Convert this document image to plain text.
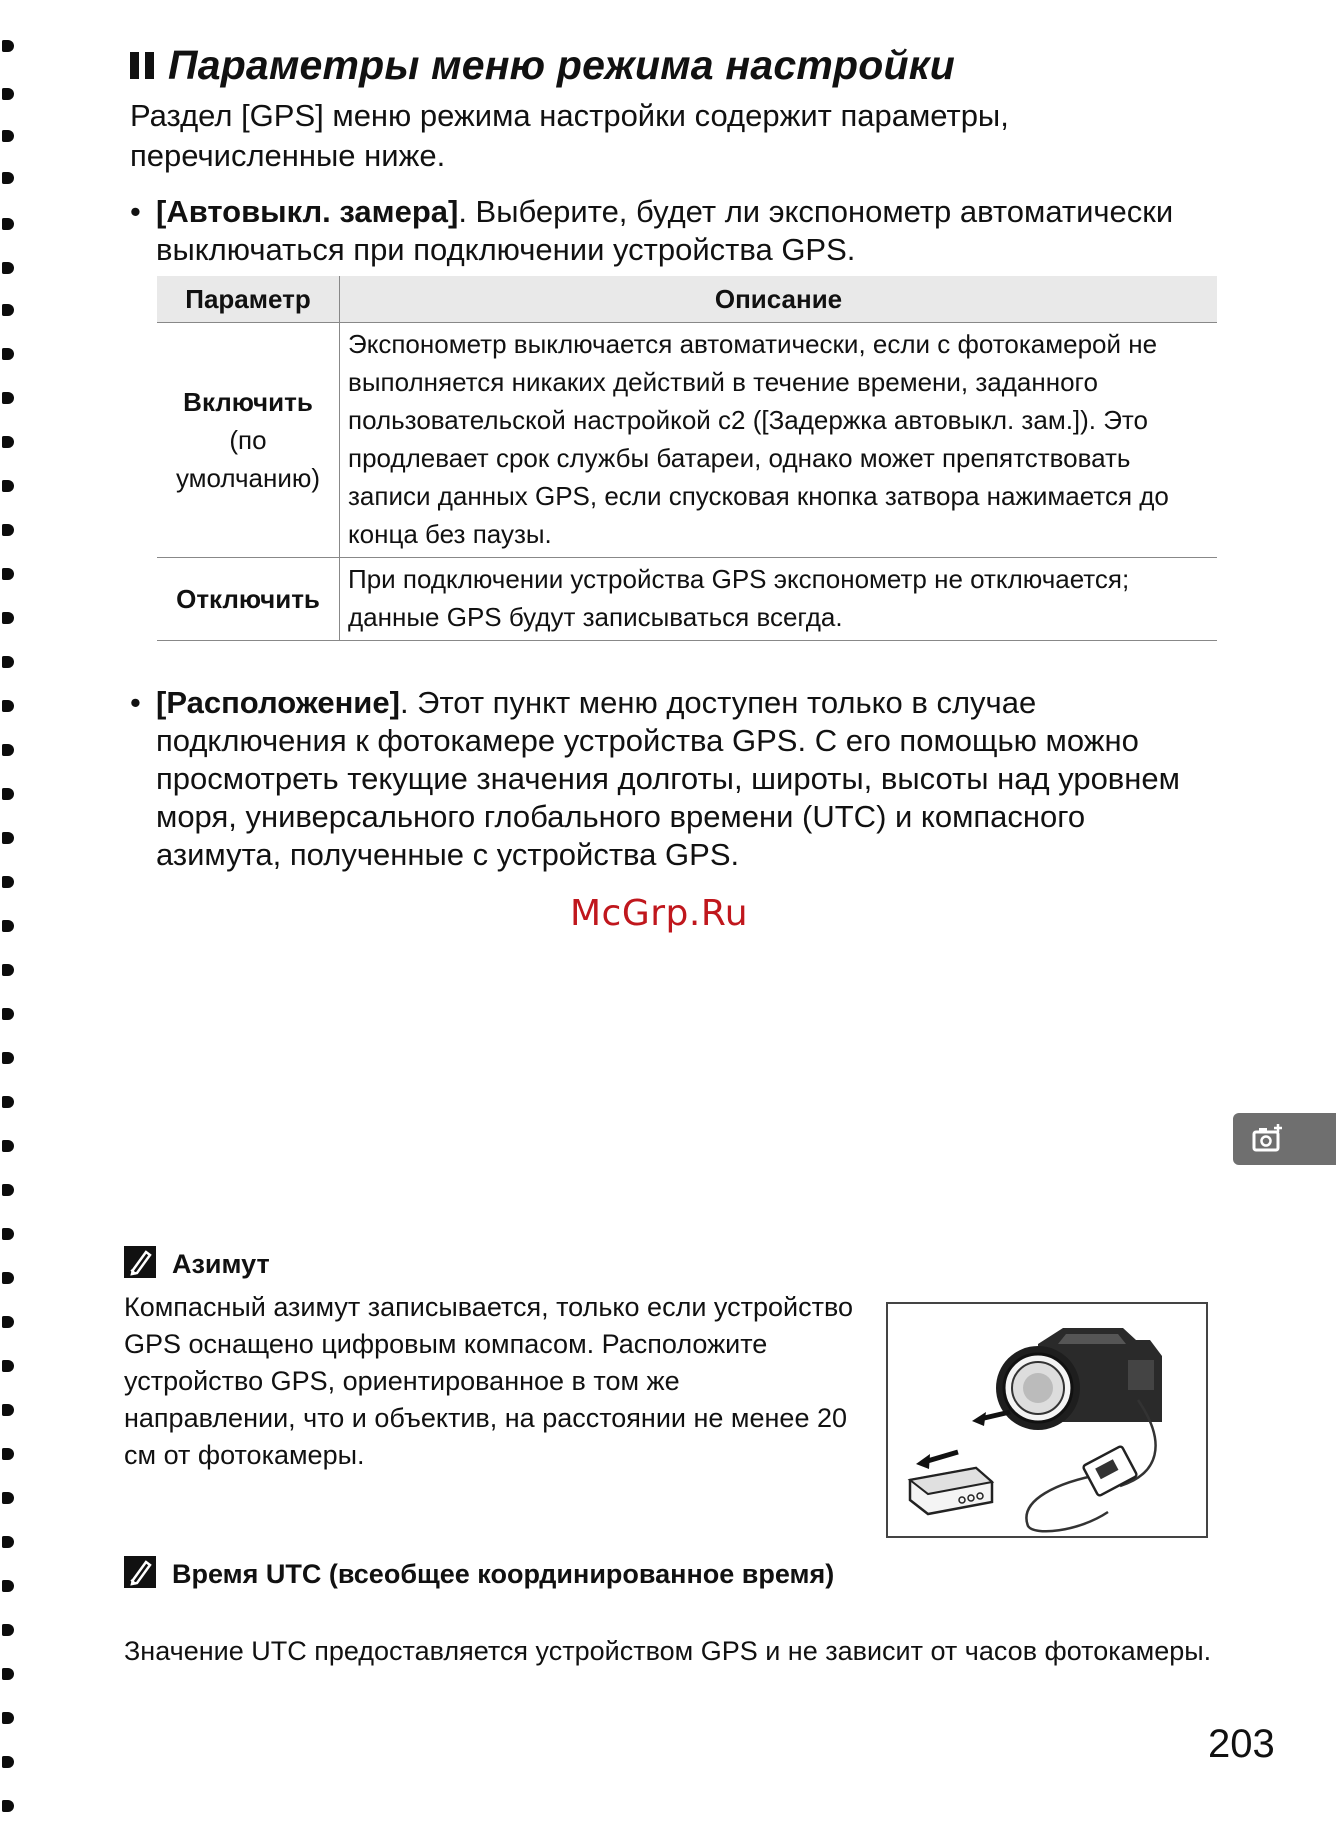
Параметры меню режима настройки
Раздел [GPS] меню режима настройки содержит параметры, перечисленные ниже.
• [Автовыкл. замера]. Выберите, будет ли экспонометр автоматически выключаться при подключении устройства GPS.
Параметр	Описание

Включить
(по умолчанию)	Экспонометр выключается автоматически, если с фотокамерой не выполняется никаких действий в течение времени, заданного пользовательской настройкой c2 ([Задержка автовыкл. зам.]). Это продлевает срок службы батареи, однако может препятствовать записи данных GPS, если спусковая кнопка затвора нажимается до конца без паузы.

Отключить	При подключении устройства GPS экспонометр не отключается; данные GPS будут записываться всегда.
• [Расположение]. Этот пункт меню доступен только в случае подключения к фотокамере устройства GPS. С его помощью можно просмотреть текущие значения долготы, широты, высоты над уровнем моря, универсального глобального времени (UTC) и компасного азимута, полученные с устройства GPS.
McGrp.Ru
Азимут
Компасный азимут записывается, только если устройство GPS оснащено цифровым компасом. Расположите устройство GPS, ориентированное в том же направлении, что и объектив, на расстоянии не менее 20 см от фотокамеры.
Время UTC (всеобщее координированное время)
Значение UTC предоставляется устройством GPS и не зависит от часов фотокамеры.
203
